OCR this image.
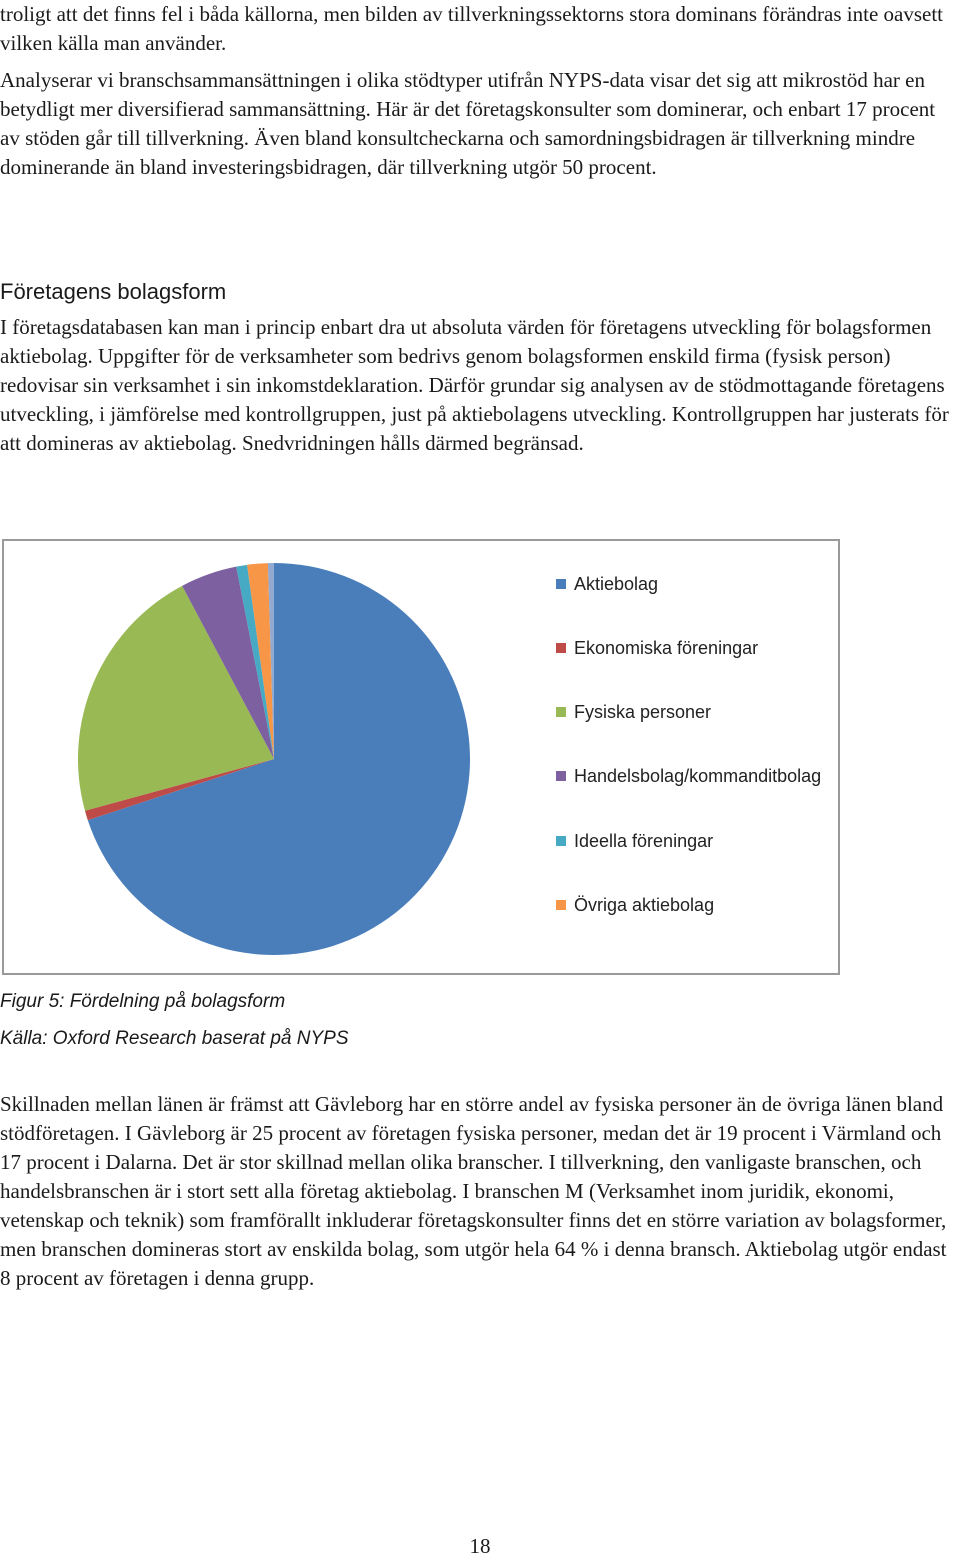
troligt att det finns fel i båda källorna, men bilden av tillverkningssektorns stora dominans förändras inte oavsett vilken källa man använder.

Analyserar vi branschsammansättningen i olika stödtyper utifrån NYPS-data visar det sig att mikrostöd har en betydligt mer diversifierad sammansättning. Här är det företagskonsulter som dominerar, och enbart 17 procent av stöden går till tillverkning. Även bland konsultcheckarna och samordningsbidragen är tillverkning mindre dominerande än bland investeringsbidragen, där tillverkning utgör 50 procent.

Företagens bolagsform

I företagsdatabasen kan man i princip enbart dra ut absoluta värden för företagens utveckling för bolagsformen aktiebolag. Uppgifter för de verksamheter som bedrivs genom bolagsformen enskild firma (fysisk person) redovisar sin verksamhet i sin inkomstdeklaration. Därför grundar sig analysen av de stödmottagande företagens utveckling, i jämförelse med kontrollgruppen, just på aktiebolagens utveckling. Kontrollgruppen har justerats för att domineras av aktiebolag. Snedvridningen hålls därmed begränsad.

Aktiebolag
Ekonomiska föreningar
Fysiska personer
Handelsbolag/kommanditbolag
Ideella föreningar
Övriga aktiebolag
Figur 5: Fördelning på bolagsform
Källa: Oxford Research baserat på NYPS

Skillnaden mellan länen är främst att Gävleborg har en större andel av fysiska personer än de övriga länen bland stödföretagen. I Gävleborg är 25 procent av företagen fysiska personer, medan det är 19 procent i Värmland och 17 procent i Dalarna. Det är stor skillnad mellan olika branscher. I tillverkning, den vanligaste branschen, och handelsbranschen är i stort sett alla företag aktiebolag. I branschen M (Verksamhet inom juridik, ekonomi, vetenskap och teknik) som framförallt inkluderar företagskonsulter finns det en större variation av bolagsformer, men branschen domineras stort av enskilda bolag, som utgör hela 64 % i denna bransch. Aktiebolag utgör endast 8 procent av företagen i denna grupp.

18
